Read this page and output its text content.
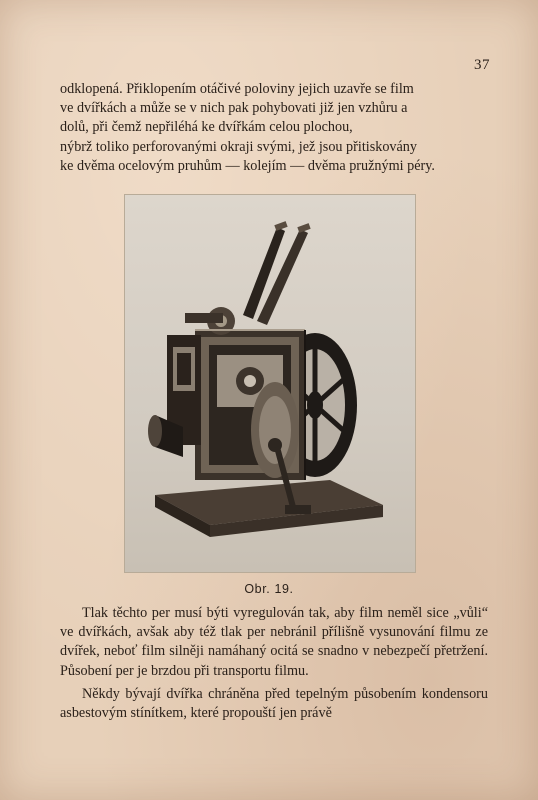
37

odklopená. Přiklopením otáčivé poloviny jejich uzavře se film

ve dvířkách a může se v nich pak pohybovati již jen vzhůru a

dolů, při čemž nepřiléhá ke dvířkám celou plochou,

nýbrž toliko perforovanými okraji svými, jež jsou přitiskovány

ke dvěma ocelovým pruhům — kolejím — dvěma pružnými péry.

Obr. 19.

Tlak těchto per musí býti vyregulován tak, aby film neměl sice „vůli“ ve dvířkách, avšak aby též tlak per nebránil přílišně vysunování filmu ze dvířek, neboť film silněji namáhaný ocitá se snadno v nebezpečí přetržení. Působení per je brzdou při transportu filmu.

Někdy bývají dvířka chráněna před tepelným působením kondensoru asbestovým stínítkem, které propouští jen právě
